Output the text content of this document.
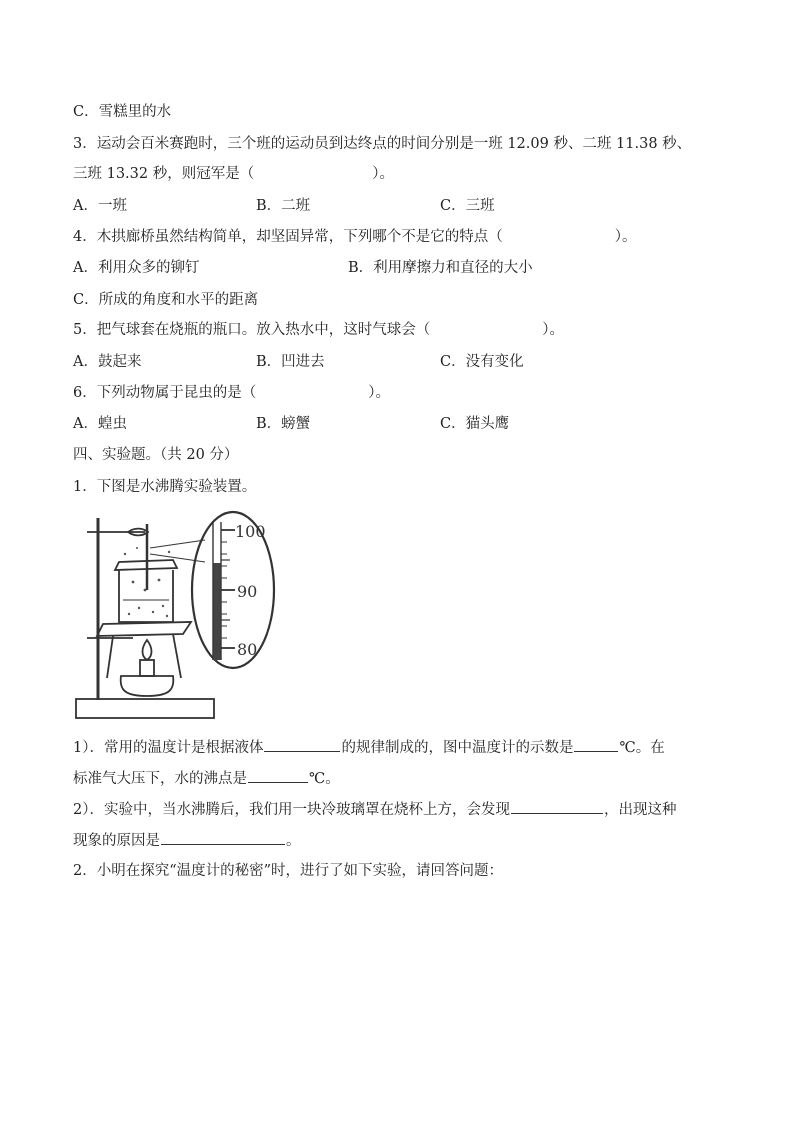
C．雪糕里的水
3．运动会百米赛跑时，三个班的运动员到达终点的时间分别是一班 12.09 秒、二班 11.38 秒、
三班 13.32 秒，则冠军是（	）。
A．一班	B．二班	C．三班
4．木拱廊桥虽然结构简单，却坚固异常，下列哪个不是它的特点（	）。
A．利用众多的铆钉	B．利用摩擦力和直径的大小
C．所成的角度和水平的距离
5．把气球套在烧瓶的瓶口。放入热水中，这时气球会（	）。
A．鼓起来	B．凹进去	C．没有变化
6．下列动物属于昆虫的是（	）。
A．蝗虫	B．螃蟹	C．猫头鹰
四、实验题。（共 20 分）
1．下图是水沸腾实验装置。
100
90
80
1）．常用的温度计是根据液体	的规律制成的，图中温度计的示数是	℃。在
标准气大压下，水的沸点是	℃。
2）．实验中，当水沸腾后，我们用一块冷玻璃罩在烧杯上方，会发现	，出现这种
现象的原因是	。
2．小明在探究“温度计的秘密”时，进行了如下实验，请回答问题：
